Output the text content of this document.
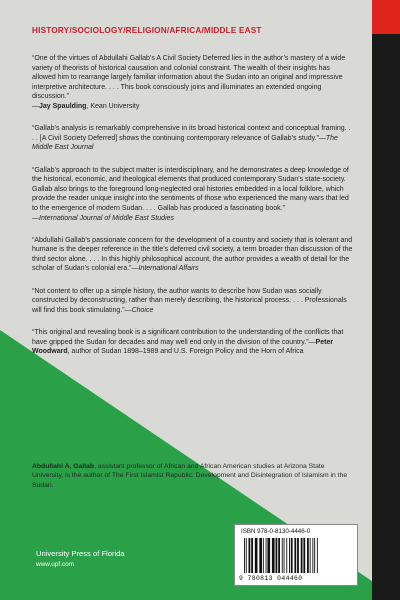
HISTORY/SOCIOLOGY/RELIGION/AFRICA/MIDDLE EAST

“One of the virtues of Abdullahi Gallab’s A Civil Society Deferred lies in the author’s mastery of a wide variety of theorists of historical causation and colonial constraint. The wealth of their insights has allowed him to rearrange largely familiar information about the Sudan into an original and impressive interpretive architecture. . . . This book consciously joins and illuminates an extended ongoing discussion.”
—Jay Spaulding, Kean University

“Gallab’s analysis is remarkably comprehensive in its broad historical context and conceptual framing. . . . [A Civil Society Deferred] shows the continuing contemporary relevance of Gallab’s study.”—The Middle East Journal

“Gallab’s approach to the subject matter is interdisciplinary, and he demonstrates a deep knowledge of the historical, economic, and theological elements that produced contemporary Sudan’s state-society. Gallab also brings to the foreground long-neglected oral histories embedded in a local folklore, which provide the reader unique insight into the sentiments of those who experienced the many wars that led to the emergence of modern Sudan. . . . Gallab has produced a fascinating book.”
—International Journal of Middle East Studies

“Abdullahi Gallab’s passionate concern for the development of a country and society that is tolerant and humane is the deeper reference in the title’s deferred civil society, a term broader than discussion of the third sector alone. . . . In this highly philosophical account, the author provides a wealth of detail for the scholar of Sudan’s colonial era.”—International Affairs

“Not content to offer up a simple history, the author wants to describe how Sudan was socially constructed by deconstructing, rather than merely describing, the historical process. . . . Professionals will find this book stimulating.”—Choice

“This original and revealing book is a significant contribution to the understanding of the conflicts that have gripped the Sudan for decades and may well end only in the division of the country.”—Peter Woodward, author of Sudan 1898–1989 and U.S. Foreign Policy and the Horn of Africa

Abdullahi A. Gallab, assistant professor of African and African American studies at Arizona State University, is the author of The First Islamist Republic: Development and Disintegration of Islamism in the Sudan.
University Press of Florida
www.upf.com
ISBN 978-0-8130-4446-0
9 780813 044460
